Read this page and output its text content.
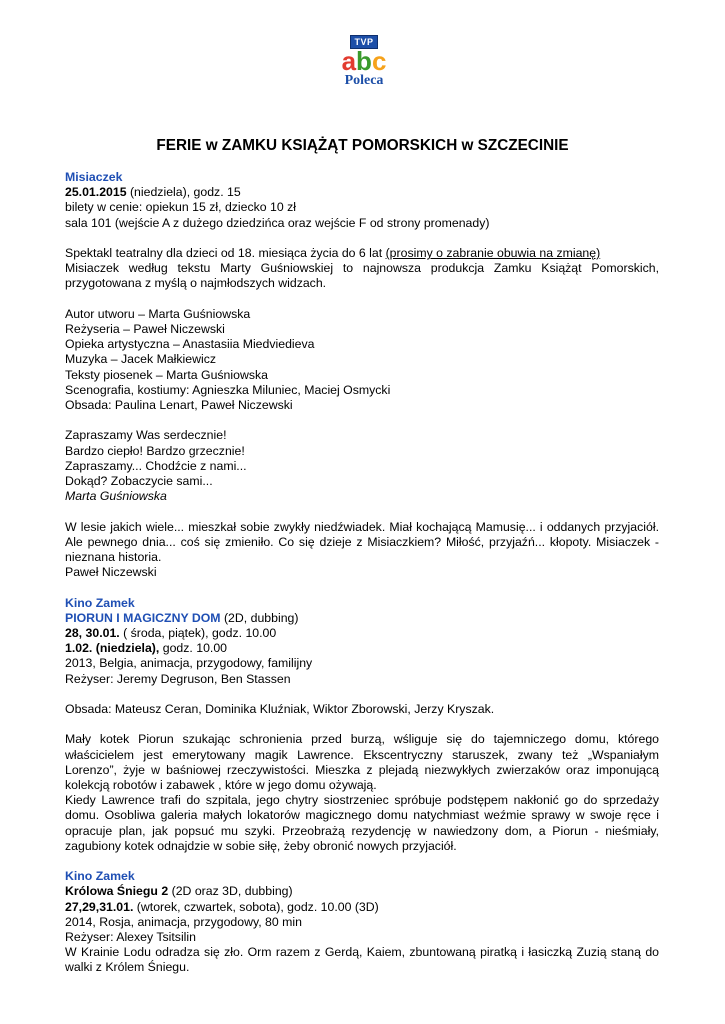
TVP
abc
Poleca
FERIE w ZAMKU KSIĄŻĄT POMORSKICH w SZCZECINIE

Misiaczek

25.01.2015 (niedziela), godz. 15

bilety w cenie: opiekun 15 zł, dziecko 10 zł

sala 101 (wejście A z dużego dziedzińca oraz wejście F od strony promenady)

Spektakl teatralny dla dzieci od 18. miesiąca życia do 6 lat (prosimy o zabranie obuwia na zmianę)
Misiaczek według tekstu Marty Guśniowskiej to najnowsza produkcja Zamku Książąt Pomorskich, przygotowana z myślą o najmłodszych widzach.

Autor utworu – Marta Guśniowska

Reżyseria – Paweł Niczewski

Opieka artystyczna – Anastasiia Miedviedieva

Muzyka – Jacek Małkiewicz

Teksty piosenek – Marta Guśniowska

Scenografia, kostiumy: Agnieszka Miluniec, Maciej Osmycki

Obsada: Paulina Lenart, Paweł Niczewski

Zapraszamy Was serdecznie!

Bardzo ciepło! Bardzo grzecznie!

Zapraszamy... Chodźcie z nami...

Dokąd? Zobaczycie sami...

Marta Guśniowska

W lesie jakich wiele... mieszkał sobie zwykły niedźwiadek. Miał kochającą Mamusię... i oddanych przyjaciół. Ale pewnego dnia... coś się zmieniło. Co się dzieje z Misiaczkiem? Miłość, przyjaźń... kłopoty. Misiaczek - nieznana historia.

Paweł Niczewski

Kino Zamek

PIORUN I MAGICZNY DOM (2D, dubbing)

28, 30.01. ( środa, piątek), godz. 10.00

1.02. (niedziela), godz. 10.00

2013, Belgia, animacja, przygodowy, familijny

Reżyser: Jeremy Degruson, Ben Stassen

Obsada: Mateusz Ceran, Dominika Kluźniak, Wiktor Zborowski, Jerzy Kryszak.

Mały kotek Piorun szukając schronienia przed burzą, wśliguje się do tajemniczego domu, którego właścicielem jest emerytowany magik Lawrence. Ekscentryczny staruszek, zwany też „Wspaniałym Lorenzo”, żyje w baśniowej rzeczywistości. Mieszka z plejadą niezwykłych zwierzaków oraz imponującą kolekcją robotów i zabawek , które w jego domu ożywają.

Kiedy Lawrence trafi do szpitala, jego chytry siostrzeniec spróbuje podstępem nakłonić go do sprzedaży domu. Osobliwa galeria małych lokatorów magicznego domu natychmiast weźmie sprawy w swoje ręce i opracuje plan, jak popsuć mu szyki. Przeobrażą rezydencję w nawiedzony dom, a Piorun - nieśmiały, zagubiony kotek odnajdzie w sobie siłę, żeby obronić nowych przyjaciół.

Kino Zamek

Królowa Śniegu 2 (2D oraz 3D, dubbing)

27,29,31.01. (wtorek, czwartek, sobota), godz. 10.00 (3D)

2014, Rosja, animacja, przygodowy, 80 min

Reżyser: Alexey Tsitsilin

W Krainie Lodu odradza się zło. Orm razem z Gerdą, Kaiem, zbuntowaną piratką i łasiczką Zuzią staną do walki z Królem Śniegu.
